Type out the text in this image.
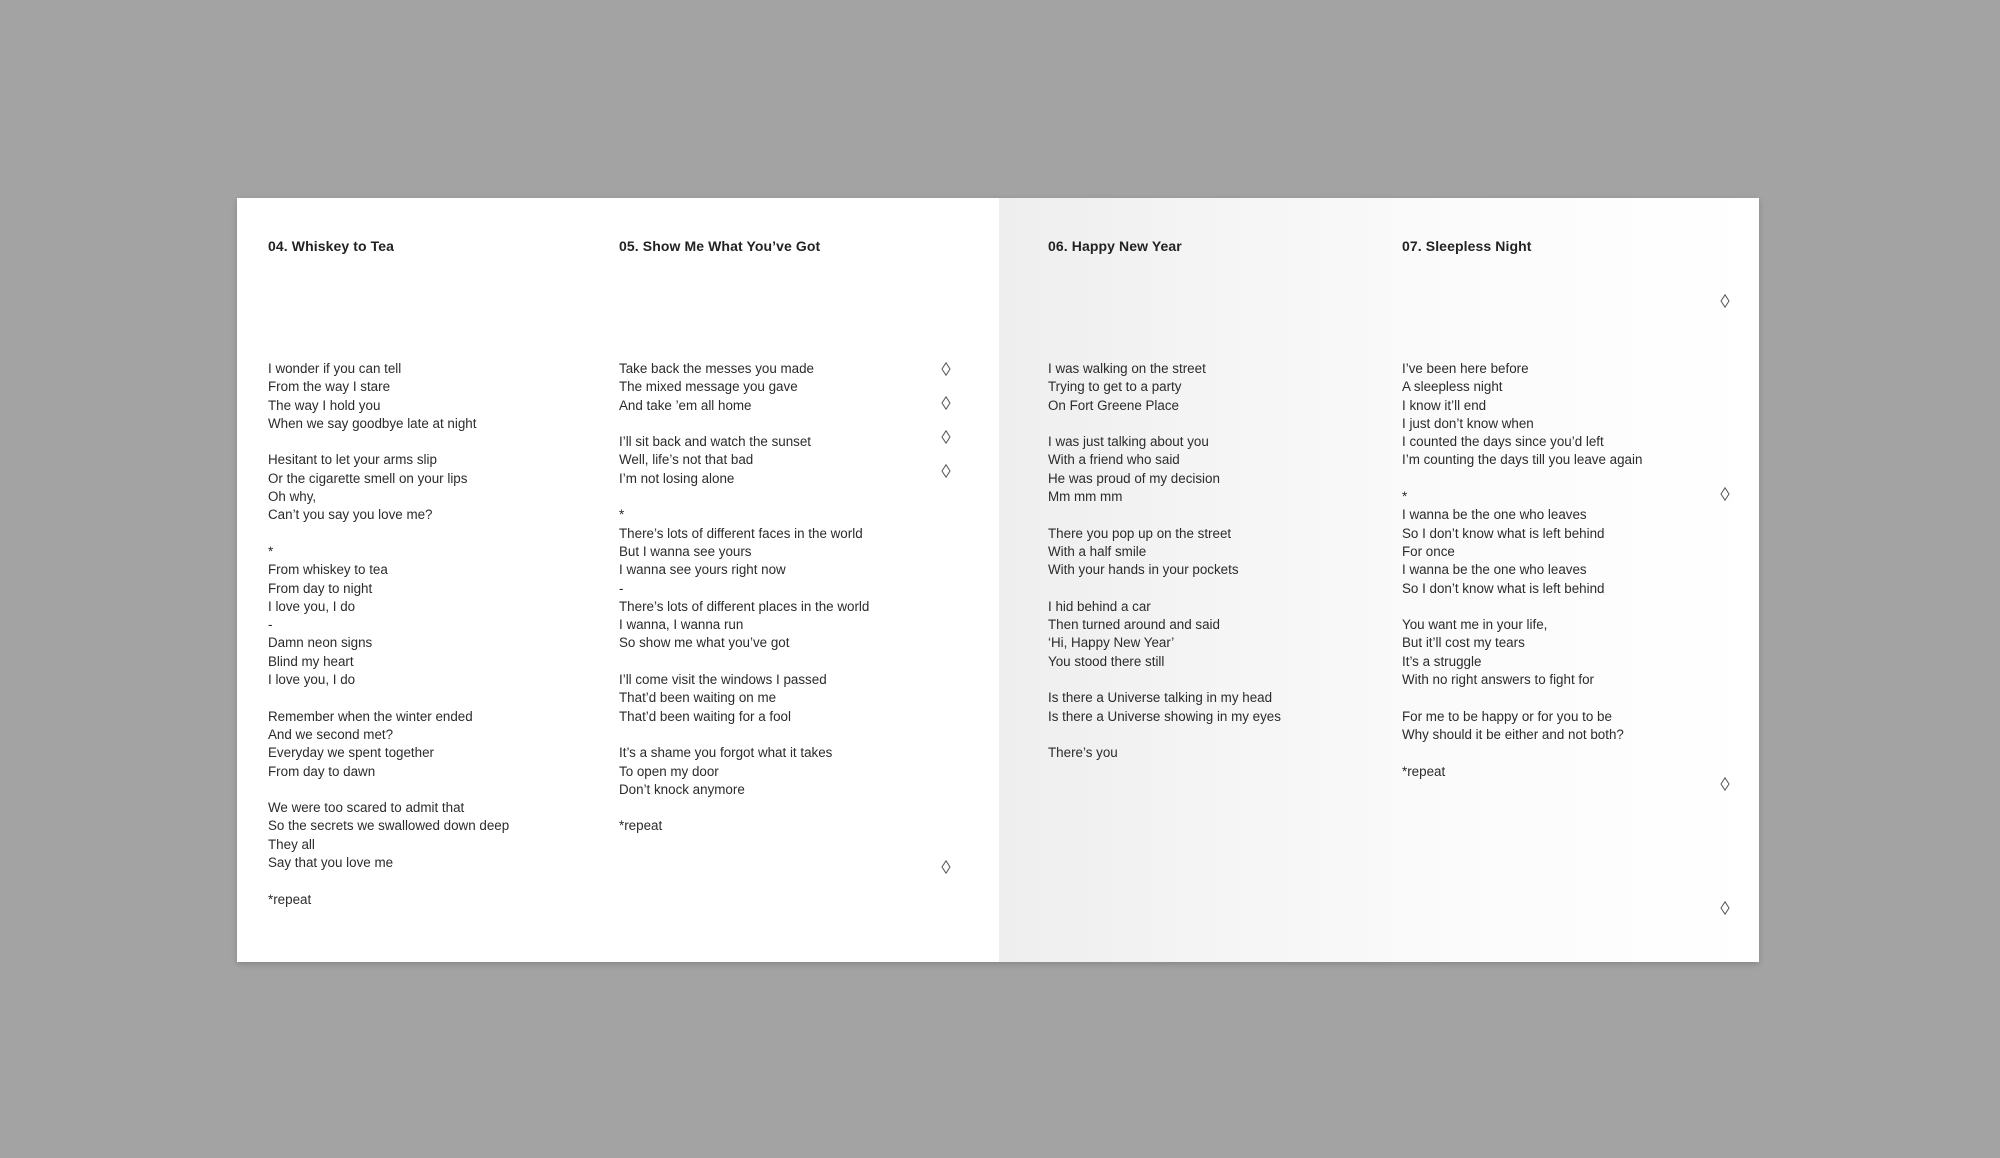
04. Whiskey to Tea
I wonder if you can tell
From the way I stare
The way I hold you
When we say goodbye late at night
Hesitant to let your arms slip
Or the cigarette smell on your lips
Oh why,
Can’t you say you love me?
*
From whiskey to tea
From day to night
I love you, I do
-
Damn neon signs
Blind my heart
I love you, I do
Remember when the winter ended
And we second met?
Everyday we spent together
From day to dawn
We were too scared to admit that
So the secrets we swallowed down deep
They all
Say that you love me
*repeat
05. Show Me What You’ve Got
Take back the messes you made
The mixed message you gave
And take ’em all home
I’ll sit back and watch the sunset
Well, life’s not that bad
I’m not losing alone
*
There’s lots of different faces in the world
But I wanna see yours
I wanna see yours right now
-
There’s lots of different places in the world
I wanna, I wanna run
So show me what you’ve got
I’ll come visit the windows I passed
That’d been waiting on me
That’d been waiting for a fool
It’s a shame you forgot what it takes
To open my door
Don’t knock anymore
*repeat
06. Happy New Year
I was walking on the street
Trying to get to a party
On Fort Greene Place
I was just talking about you
With a friend who said
He was proud of my decision
Mm mm mm
There you pop up on the street
With a half smile
With your hands in your pockets
I hid behind a car
Then turned around and said
‘Hi, Happy New Year’
You stood there still
Is there a Universe talking in my head
Is there a Universe showing in my eyes
There’s you
07. Sleepless Night
I’ve been here before
A sleepless night
I know it’ll end
I just don’t know when
I counted the days since you’d left
I’m counting the days till you leave again
*
I wanna be the one who leaves
So I don’t know what is left behind
For once
I wanna be the one who leaves
So I don’t know what is left behind
You want me in your life,
But it’ll cost my tears
It’s a struggle
With no right answers to fight for
For me to be happy or for you to be
Why should it be either and not both?
*repeat
